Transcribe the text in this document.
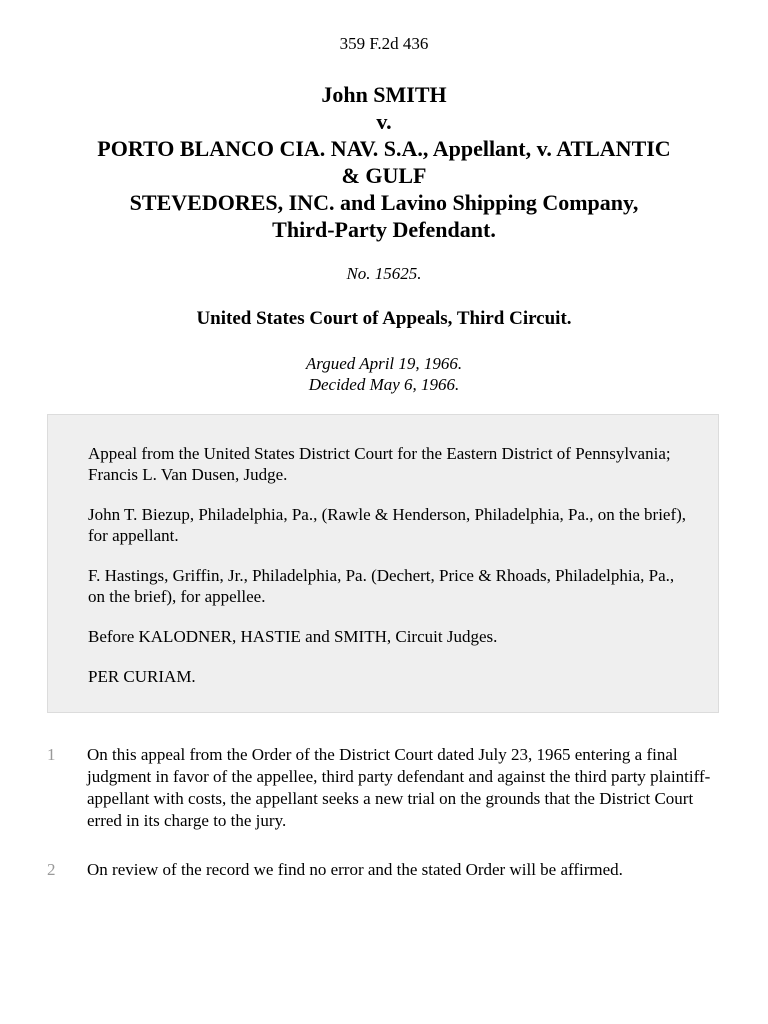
359 F.2d 436
John SMITH
v.
PORTO BLANCO CIA. NAV. S.A., Appellant, v. ATLANTIC
& GULF
STEVEDORES, INC. and Lavino Shipping Company,
Third-Party Defendant.
No. 15625.
United States Court of Appeals, Third Circuit.
Argued April 19, 1966.
Decided May 6, 1966.

Appeal from the United States District Court for the Eastern District of Pennsylvania; Francis L. Van Dusen, Judge.

John T. Biezup, Philadelphia, Pa., (Rawle & Henderson, Philadelphia, Pa., on the brief), for appellant.

F. Hastings, Griffin, Jr., Philadelphia, Pa. (Dechert, Price & Rhoads, Philadelphia, Pa., on the brief), for appellee.

Before KALODNER, HASTIE and SMITH, Circuit Judges.

PER CURIAM.

1 On this appeal from the Order of the District Court dated July 23, 1965 entering a final judgment in favor of the appellee, third party defendant and against the third party plaintiff-appellant with costs, the appellant seeks a new trial on the grounds that the District Court erred in its charge to the jury.
2 On review of the record we find no error and the stated Order will be affirmed.
